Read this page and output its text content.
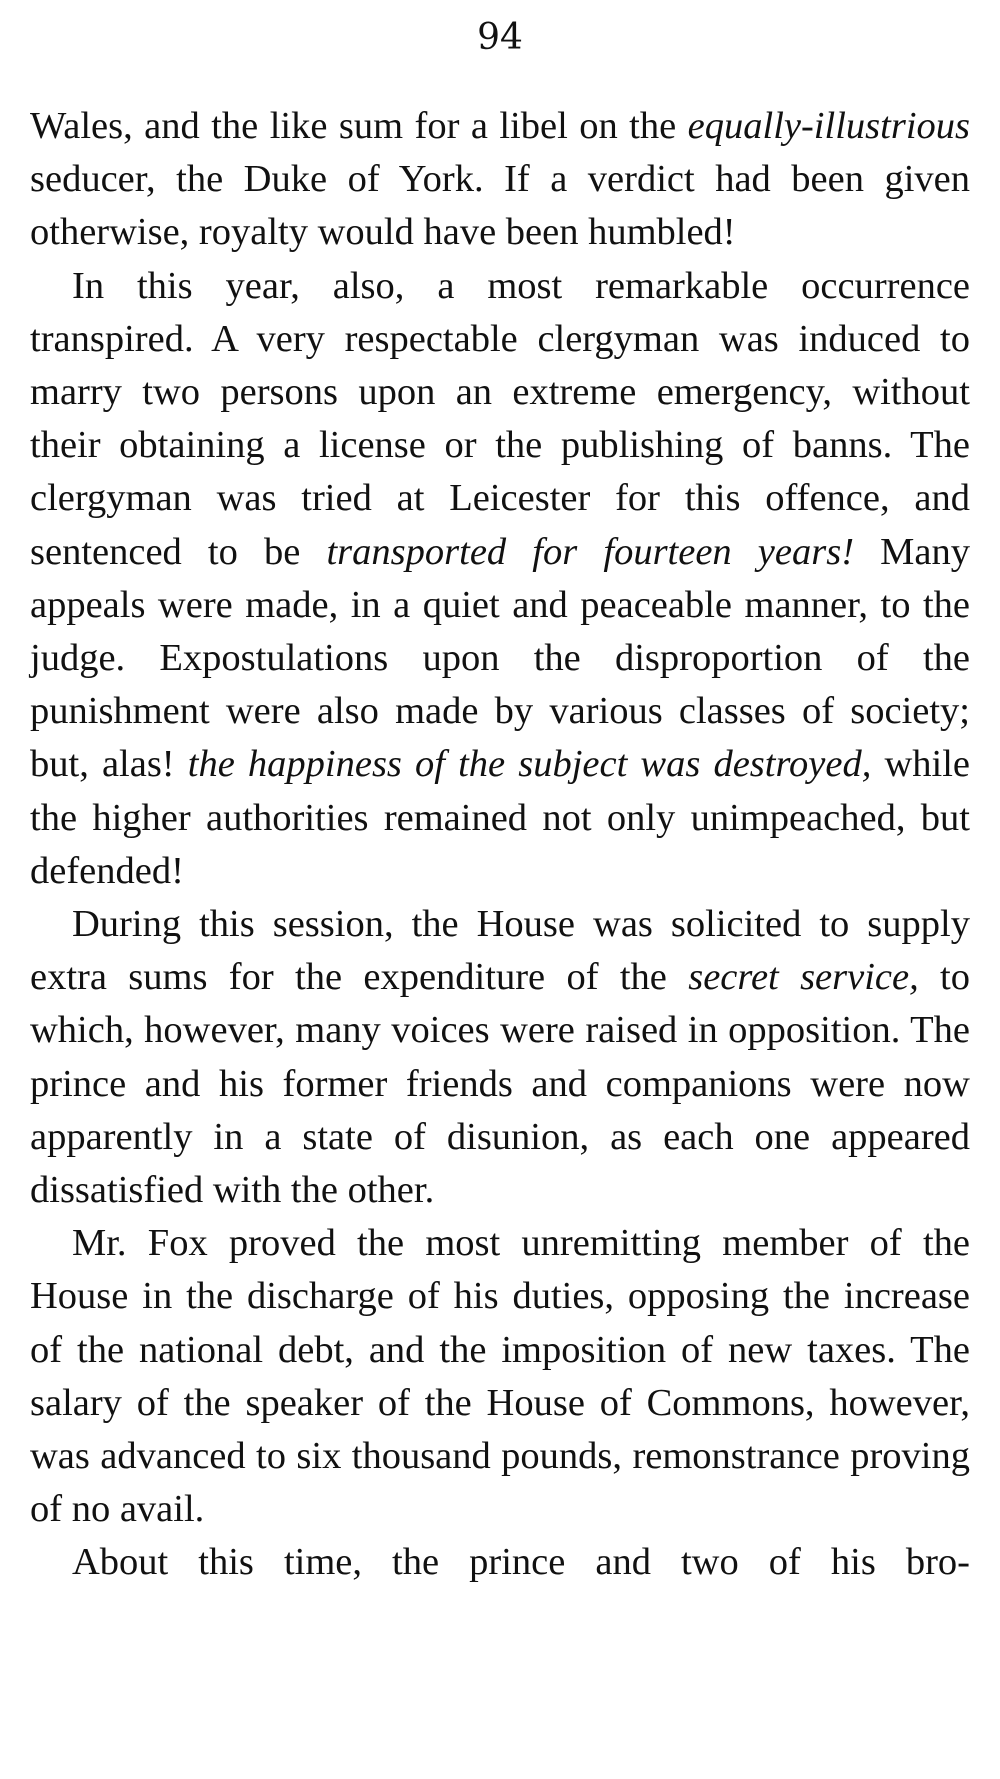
94

Wales, and the like sum for a libel on the equally-illustrious seducer, the Duke of York. If a verdict had been given otherwise, royalty would have been humbled!

In this year, also, a most remarkable occurrence transpired. A very respectable clergyman was induced to marry two persons upon an extreme emergency, without their obtaining a license or the publishing of banns. The clergyman was tried at Leicester for this offence, and sentenced to be transported for fourteen years! Many appeals were made, in a quiet and peaceable manner, to the judge. Expostulations upon the disproportion of the punishment were also made by various classes of society; but, alas! the happiness of the subject was destroyed, while the higher authorities remained not only unimpeached, but defended!

During this session, the House was solicited to supply extra sums for the expenditure of the secret service, to which, however, many voices were raised in opposition. The prince and his former friends and companions were now apparently in a state of disunion, as each one appeared dissatisfied with the other.

Mr. Fox proved the most unremitting member of the House in the discharge of his duties, opposing the increase of the national debt, and the imposition of new taxes. The salary of the speaker of the House of Commons, however, was advanced to six thousand pounds, remonstrance proving of no avail.

About this time, the prince and two of his bro-
